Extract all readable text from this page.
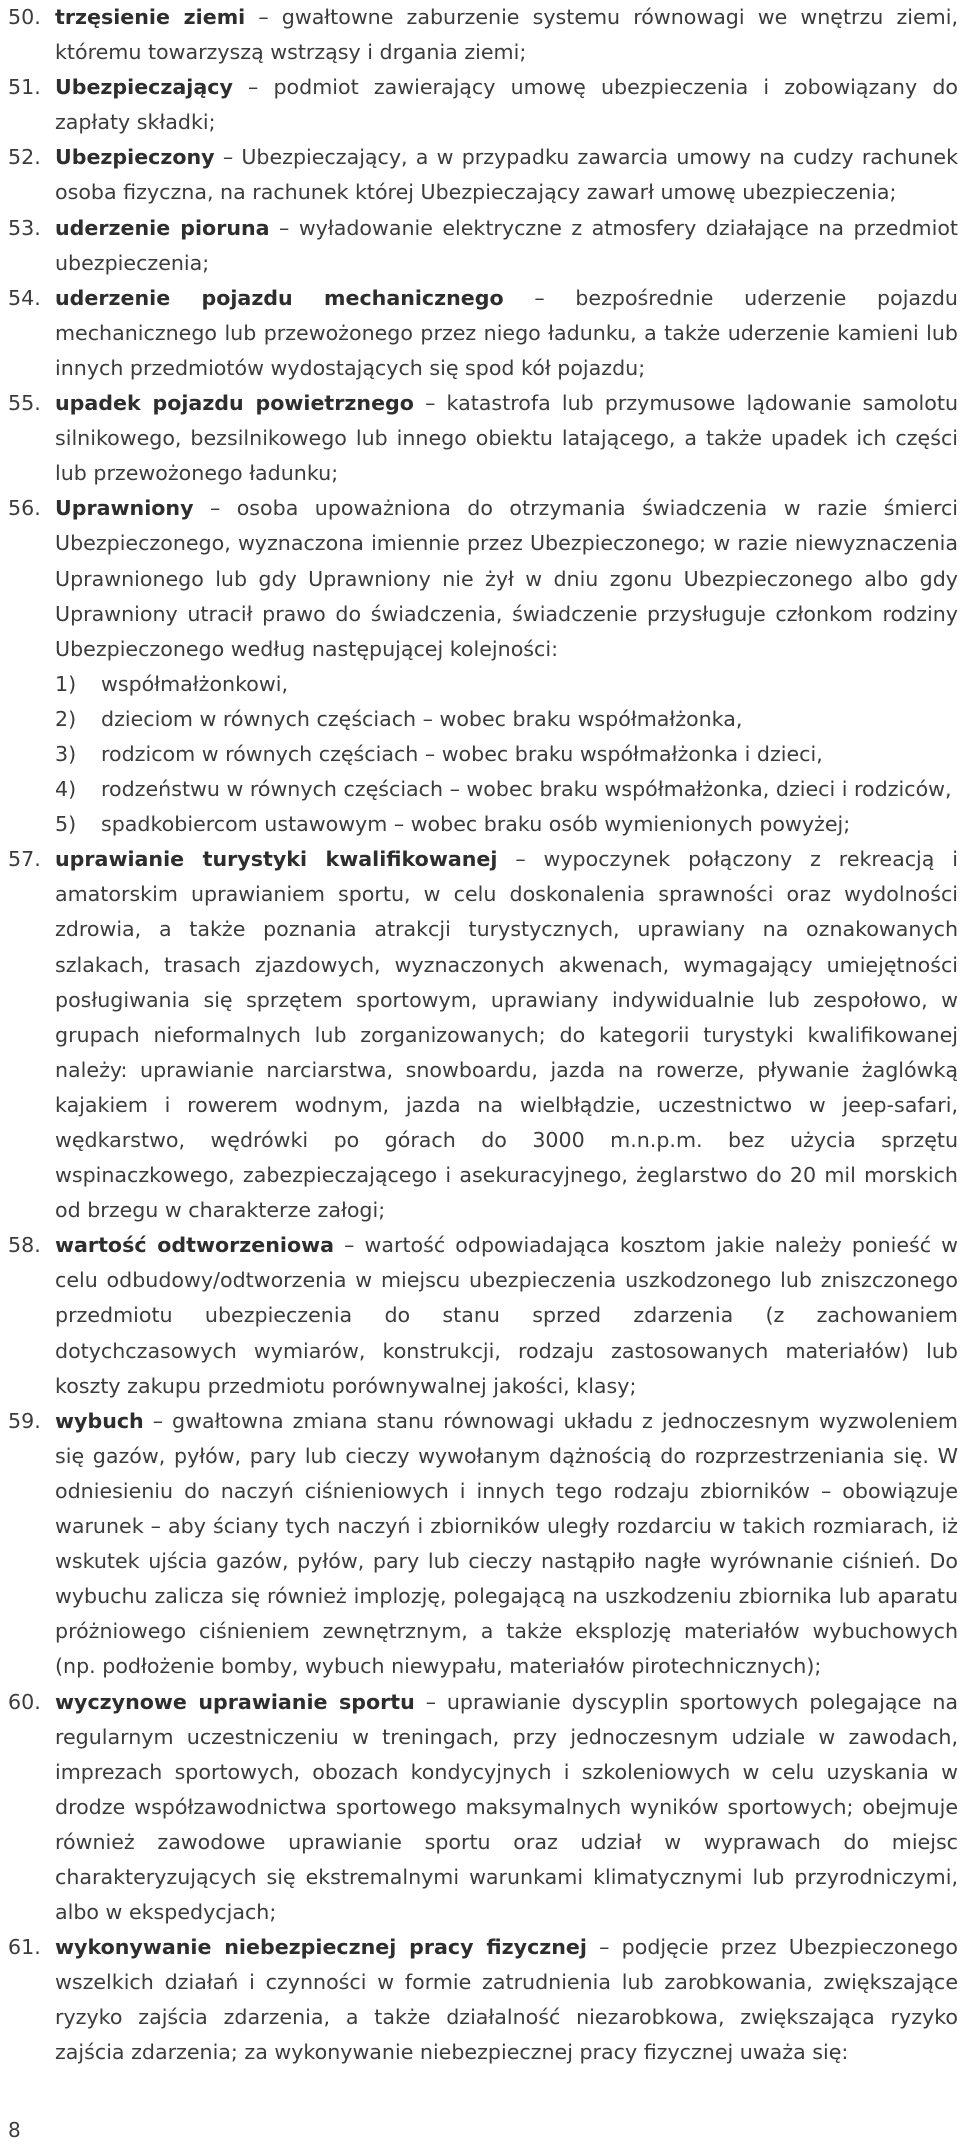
50. trzęsienie ziemi – gwałtowne zaburzenie systemu równowagi we wnętrzu ziemi, któremu towarzyszą wstrząsy i drgania ziemi;

51. Ubezpieczający – podmiot zawierający umowę ubezpieczenia i zobowiązany do zapłaty składki;

52. Ubezpieczony – Ubezpieczający, a w przypadku zawarcia umowy na cudzy rachunek osoba fizyczna, na rachunek której Ubezpieczający zawarł umowę ubezpieczenia;

53. uderzenie pioruna – wyładowanie elektryczne z atmosfery działające na przedmiot ubezpieczenia;

54. uderzenie pojazdu mechanicznego – bezpośrednie uderzenie pojazdu mechanicznego lub przewożonego przez niego ładunku, a także uderzenie kamieni lub innych przedmiotów wydostających się spod kół pojazdu;

55. upadek pojazdu powietrznego – katastrofa lub przymusowe lądowanie samolotu silnikowego, bezsilnikowego lub innego obiektu latającego, a także upadek ich części lub przewożonego ładunku;

56. Uprawniony – osoba upoważniona do otrzymania świadczenia w razie śmierci Ubezpieczonego, wyznaczona imiennie przez Ubezpieczonego; w razie niewyznaczenia Uprawnionego lub gdy Uprawniony nie żył w dniu zgonu Ubezpieczonego albo gdy Uprawniony utracił prawo do świadczenia, świadczenie przysługuje członkom rodziny Ubezpieczonego według następującej kolejności:
1) współmałżonkowi,
2) dzieciom w równych częściach – wobec braku współmałżonka,
3) rodzicom w równych częściach – wobec braku współmałżonka i dzieci,
4) rodzeństwu w równych częściach – wobec braku współmałżonka, dzieci i rodziców,
5) spadkobiercom ustawowym – wobec braku osób wymienionych powyżej;

57. uprawianie turystyki kwalifikowanej – wypoczynek połączony z rekreacją i amatorskim uprawianiem sportu, w celu doskonalenia sprawności oraz wydolności zdrowia, a także poznania atrakcji turystycznych, uprawiany na oznakowanych szlakach, trasach zjazdowych, wyznaczonych akwenach, wymagający umiejętności posługiwania się sprzętem sportowym, uprawiany indywidualnie lub zespołowo, w grupach nieformalnych lub zorganizowanych; do kategorii turystyki kwalifikowanej należy: uprawianie narciarstwa, snowboardu, jazda na rowerze, pływanie żaglówką kajakiem i rowerem wodnym, jazda na wielbłądzie, uczestnictwo w jeep-safari, wędkarstwo, wędrówki po górach do 3000 m.n.p.m. bez użycia sprzętu wspinaczkowego, zabezpieczającego i asekuracyjnego, żeglarstwo do 20 mil morskich od brzegu w charakterze załogi;

58. wartość odtworzeniowa – wartość odpowiadająca kosztom jakie należy ponieść w celu odbudowy/odtworzenia w miejscu ubezpieczenia uszkodzonego lub zniszczonego przedmiotu ubezpieczenia do stanu sprzed zdarzenia (z zachowaniem dotychczasowych wymiarów, konstrukcji, rodzaju zastosowanych materiałów) lub koszty zakupu przedmiotu porównywalnej jakości, klasy;

59. wybuch – gwałtowna zmiana stanu równowagi układu z jednoczesnym wyzwoleniem się gazów, pyłów, pary lub cieczy wywołanym dążnością do rozprzestrzeniania się. W odniesieniu do naczyń ciśnieniowych i innych tego rodzaju zbiorników – obowiązuje warunek – aby ściany tych naczyń i zbiorników uległy rozdarciu w takich rozmiarach, iż wskutek ujścia gazów, pyłów, pary lub cieczy nastąpiło nagłe wyrównanie ciśnień. Do wybuchu zalicza się również implozję, polegającą na uszkodzeniu zbiornika lub aparatu próżniowego ciśnieniem zewnętrznym, a także eksplozję materiałów wybuchowych (np. podłożenie bomby, wybuch niewypału, materiałów pirotechnicznych);

60. wyczynowe uprawianie sportu – uprawianie dyscyplin sportowych polegające na regularnym uczestniczeniu w treningach, przy jednoczesnym udziale w zawodach, imprezach sportowych, obozach kondycyjnych i szkoleniowych w celu uzyskania w drodze współzawodnictwa sportowego maksymalnych wyników sportowych; obejmuje również zawodowe uprawianie sportu oraz udział w wyprawach do miejsc charakteryzujących się ekstremalnymi warunkami klimatycznymi lub przyrodniczymi, albo w ekspedycjach;

61. wykonywanie niebezpiecznej pracy fizycznej – podjęcie przez Ubezpieczonego wszelkich działań i czynności w formie zatrudnienia lub zarobkowania, zwiększające ryzyko zajścia zdarzenia, a także działalność niezarobkowa, zwiększająca ryzyko zajścia zdarzenia; za wykonywanie niebezpiecznej pracy fizycznej uważa się:

8
